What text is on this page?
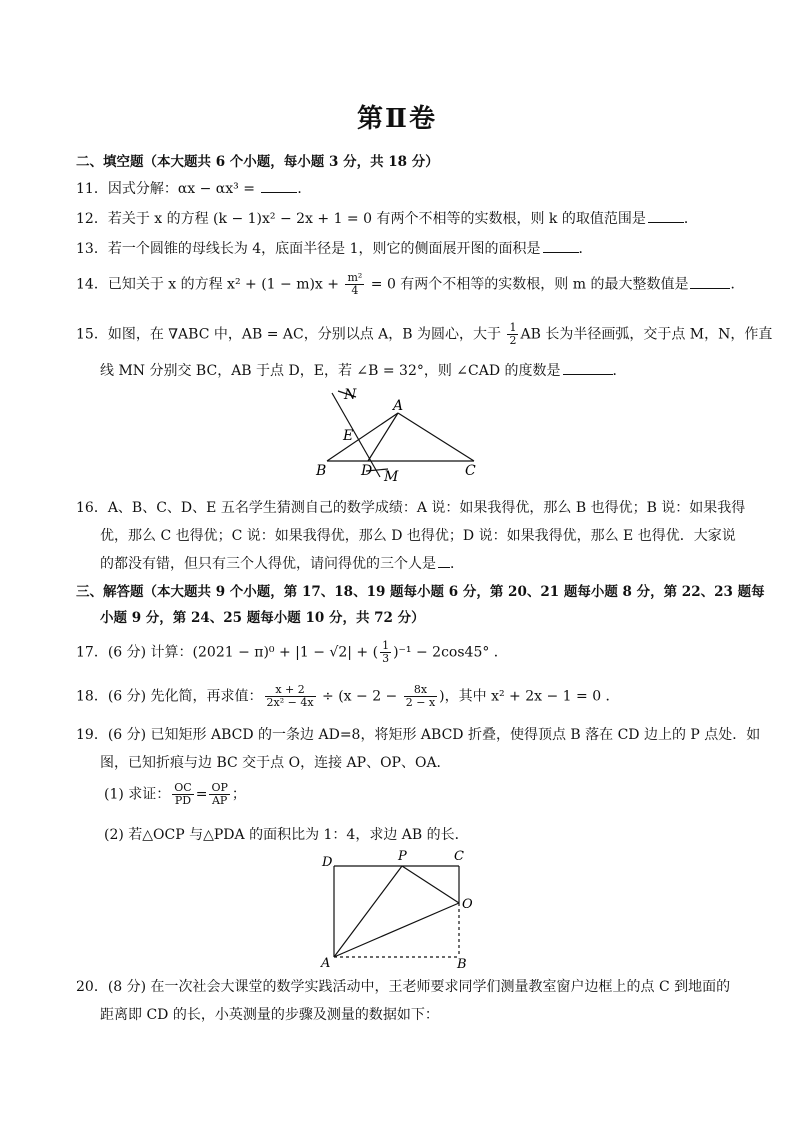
第Ⅱ卷
二、填空题（本大题共 6 个小题，每小题 3 分，共 18 分）
11．因式分解：αx − αx³ =	．
12．若关于 x 的方程 (k − 1)x² − 2x + 1 = 0 有两个不相等的实数根，则 k 的取值范围是	．
13．若一个圆锥的母线长为 4，底面半径是 1，则它的侧面展开图的面积是	．
14．已知关于 x 的方程 $x^2 + (1 - m)x + \frac{\text{m²}}{4} = 0$ 有两个不相等的实数根，则 m 的最大整数值是	．
15．如图，在 ∇ABC 中，AB = AC，分别以点 A，B 为圆心，大于 $\frac{1}{2}$ AB 长为半径画弧，交于点 M，N，作直
线 MN 分别交 BC，AB 于点 D，E，若 ∠B = 32°，则 ∠CAD 的度数是	．
N
A
E
B D M	C
16．A、B、C、D、E 五名学生猜测自己的数学成绩：A 说：如果我得优，那么 B 也得优；B 说：如果我得
优，那么 C 也得优；C 说：如果我得优，那么 D 也得优；D 说：如果我得优，那么 E 也得优．大家说
的都没有错，但只有三个人得优，请问得优的三个人是 ．
三、解答题（本大题共 9 个小题，第 17、18、19 题每小题 6 分，第 20、21 题每小题 8 分，第 22、23 题每
小题 9 分，第 24、25 题每小题 10 分，共 72 分）
17．(6 分) 计算：(2021 − π)⁰ + |1 − √2| + ( $\frac{1}{3} )^{-1} - 2\cos 45^\circ$ ．
18．(6 分) 先化简，再求值： $\frac{x + 2}{\text{2x² − 4x}} \div (x - 2 - \frac{8x}{2 - x}$ )，其中 x² + 2x − 1 = 0 ．
19．(6 分) 已知矩形 ABCD 的一条边 AD=8，将矩形 ABCD 折叠，使得顶点 B 落在 CD 边上的 P 点处．如
图，已知折痕与边 BC 交于点 O，连接 AP、OP、OA．
(1) 求证： $\frac{OC}{PD} = \frac{OP}{AP}$ ；
(2) 若△OCP 与△PDA 的面积比为 1：4，求边 AB 的长．
D	P	C
O
A	B
20．(8 分) 在一次社会大课堂的数学实践活动中，王老师要求同学们测量教室窗户边框上的点 C 到地面的
距离即 CD 的长，小英测量的步骤及测量的数据如下：
